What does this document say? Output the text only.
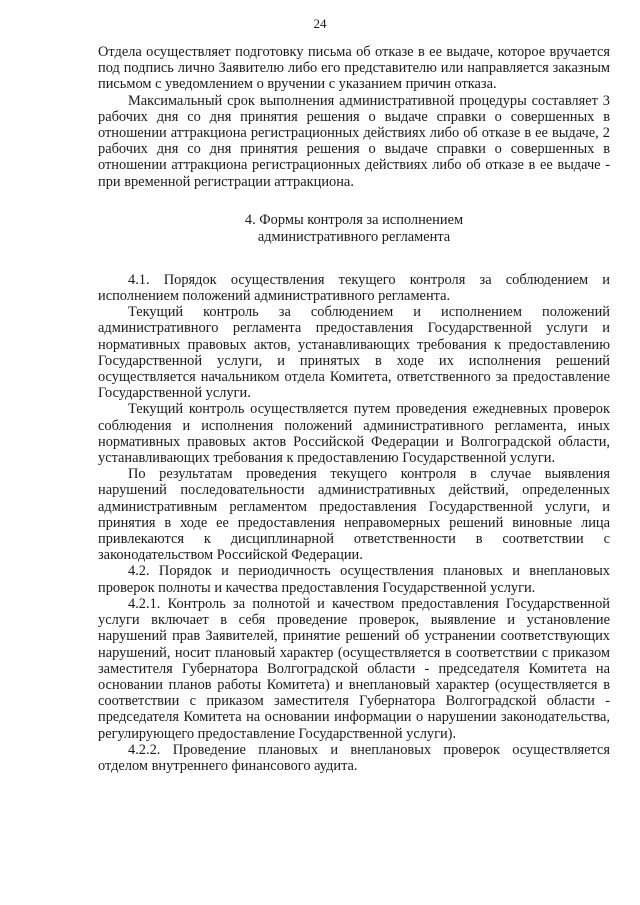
24

Отдела осуществляет подготовку письма об отказе в ее выдаче, которое вручается под подпись лично Заявителю либо его представителю или направляется заказным письмом с уведомлением о вручении с указанием причин отказа.

Максимальный срок выполнения административной процедуры составляет 3 рабочих дня со дня принятия решения о выдаче справки о совершенных в отношении аттракциона регистрационных действиях либо об отказе в ее выдаче, 2 рабочих дня со дня принятия решения о выдаче справки о совершенных в отношении аттракциона регистрационных действиях либо об отказе в ее выдаче - при временной регистрации аттракциона.

4. Формы контроля за исполнением
административного регламента

4.1. Порядок осуществления текущего контроля за соблюдением и исполнением положений административного регламента.

Текущий контроль за соблюдением и исполнением положений административного регламента предоставления Государственной услуги и нормативных правовых актов, устанавливающих требования к предоставлению Государственной услуги, и принятых в ходе их исполнения решений осуществляется начальником отдела Комитета, ответственного за предоставление Государственной услуги.

Текущий контроль осуществляется путем проведения ежедневных проверок соблюдения и исполнения положений административного регламента, иных нормативных правовых актов Российской Федерации и Волгоградской области, устанавливающих требования к предоставлению Государственной услуги.

По результатам проведения текущего контроля в случае выявления нарушений последовательности административных действий, определенных административным регламентом предоставления Государственной услуги, и принятия в ходе ее предоставления неправомерных решений виновные лица привлекаются к дисциплинарной ответственности в соответствии с законодательством Российской Федерации.

4.2. Порядок и периодичность осуществления плановых и внеплановых проверок полноты и качества предоставления Государственной услуги.

4.2.1. Контроль за полнотой и качеством предоставления Государственной услуги включает в себя проведение проверок, выявление и установление нарушений прав Заявителей, принятие решений об устранении соответствующих нарушений, носит плановый характер (осуществляется в соответствии с приказом заместителя Губернатора Волгоградской области - председателя Комитета на основании планов работы Комитета) и внеплановый характер (осуществляется в соответствии с приказом заместителя Губернатора Волгоградской области - председателя Комитета на основании информации о нарушении законодательства, регулирующего предоставление Государственной услуги).

4.2.2. Проведение плановых и внеплановых проверок осуществляется отделом внутреннего финансового аудита.
